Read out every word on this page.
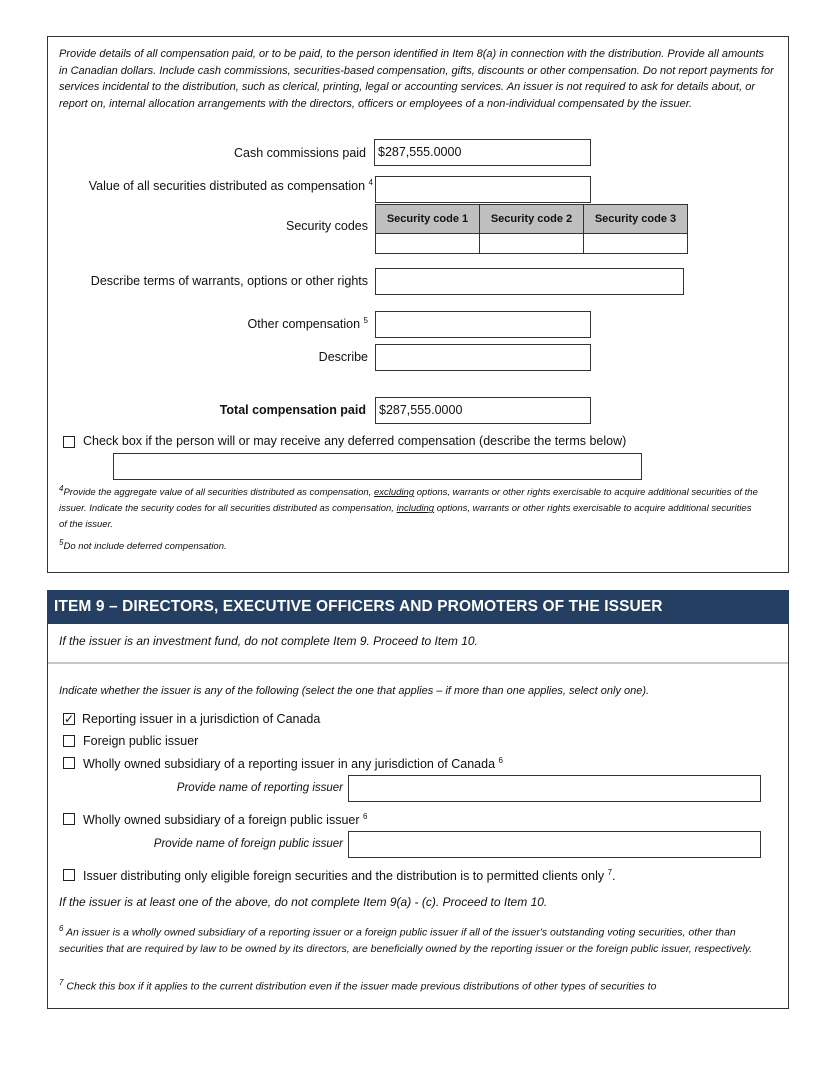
Provide details of all compensation paid, or to be paid, to the person identified in Item 8(a) in connection with the distribution. Provide all amounts in Canadian dollars. Include cash commissions, securities-based compensation, gifts, discounts or other compensation. Do not report payments for services incidental to the distribution, such as clerical, printing, legal or accounting services. An issuer is not required to ask for details about, or report on, internal allocation arrangements with the directors, officers or employees of a non-individual compensated by the issuer.
Cash commissions paid $287,555.0000
Value of all securities distributed as compensation $^4$
Security codes Security code 1	Security code 2	Security code 3

Describe terms of warrants, options or other rights
Other compensation $^5$
Describe
Total compensation paid	$287,555.0000
Check box if the person will or may receive any deferred compensation (describe the terms below)
$^4$Provide the aggregate value of all securities distributed as compensation, excluding options, warrants or other rights exercisable to acquire additional securities of the issuer. Indicate the security codes for all securities distributed as compensation, including options, warrants or other rights exercisable to acquire additional securities of the issuer.
$^5$Do not include deferred compensation.
ITEM 9 – DIRECTORS, EXECUTIVE OFFICERS AND PROMOTERS OF THE ISSUER
If the issuer is an investment fund, do not complete Item 9. Proceed to Item 10.
Indicate whether the issuer is any of the following (select the one that applies – if more than one applies, select only one).
✓ Reporting issuer in a jurisdiction of Canada
Foreign public issuer
Wholly owned subsidiary of a reporting issuer in any jurisdiction of Canada $^6$
Provide name of reporting issuer
Wholly owned subsidiary of a foreign public issuer $^6$
Provide name of foreign public issuer
Issuer distributing only eligible foreign securities and the distribution is to permitted clients only $^7$.
If the issuer is at least one of the above, do not complete Item 9(a) - (c). Proceed to Item 10.
$^6$ An issuer is a wholly owned subsidiary of a reporting issuer or a foreign public issuer if all of the issuer's outstanding voting securities, other than securities that are required by law to be owned by its directors, are beneficially owned by the reporting issuer or the foreign public issuer, respectively.
$^7$ Check this box if it applies to the current distribution even if the issuer made previous distributions of other types of securities to
